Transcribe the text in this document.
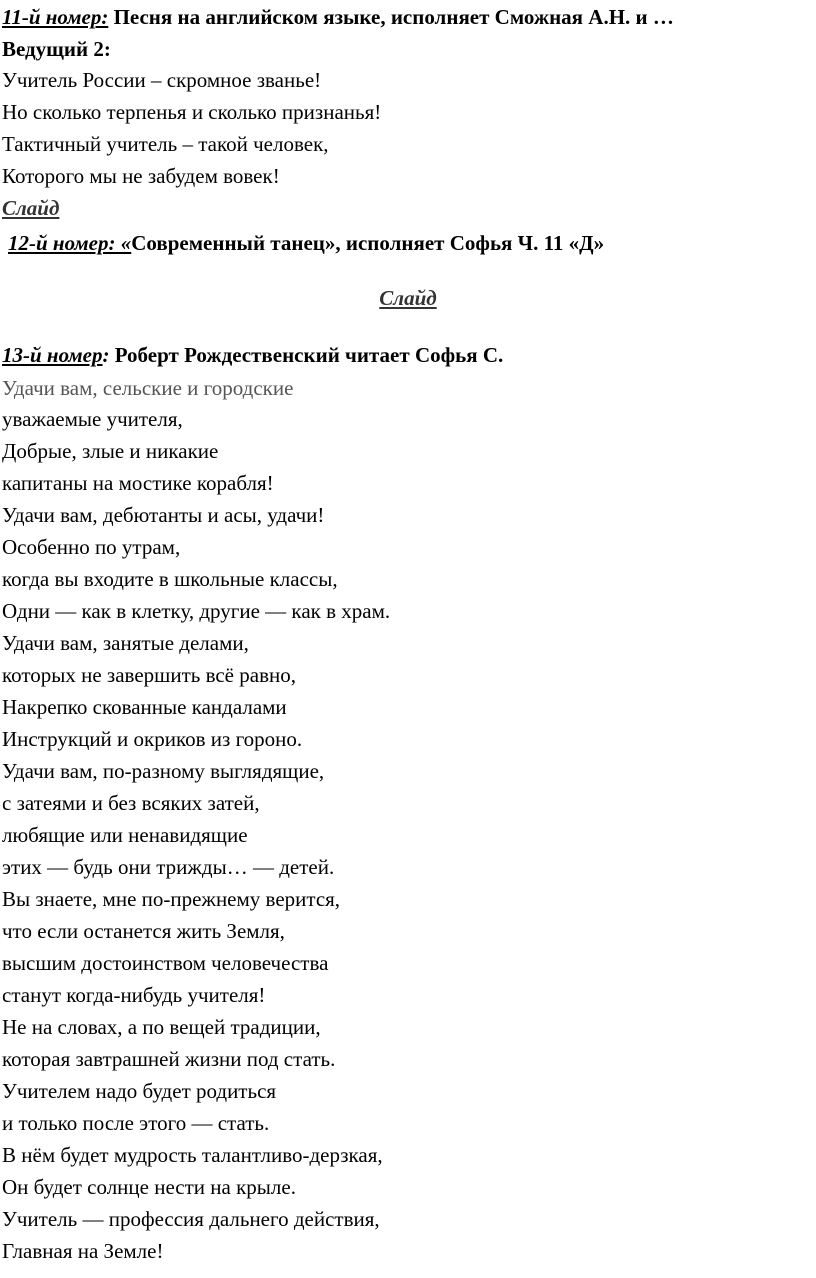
11-й номер: Песня на английском языке, исполняет Сможная А.Н. и …
Ведущий 2:
Учитель России – скромное званье!
Но сколько терпенья и сколько признанья!
Тактичный учитель – такой человек,
Которого мы не забудем вовек!
Слайд
12-й номер: «Современный танец», исполняет Софья Ч. 11 «Д»
Слайд
13-й номер: Роберт Рождественский читает Софья С.
Удачи вам, сельские и городские
уважаемые учителя,
Добрые, злые и никакие
капитаны на мостике корабля!
Удачи вам, дебютанты и асы, удачи!
Особенно по утрам,
когда вы входите в школьные классы,
Одни — как в клетку, другие — как в храм.
Удачи вам, занятые делами,
которых не завершить всё равно,
Накрепко скованные кандалами
Инструкций и окриков из гороно.
Удачи вам, по-разному выглядящие,
с затеями и без всяких затей,
любящие или ненавидящие
этих — будь они трижды… — детей.
Вы знаете, мне по-прежнему верится,
что если останется жить Земля,
высшим достоинством человечества
станут когда-нибудь учителя!
Не на словах, а по вещей традиции,
которая завтрашней жизни под стать.
Учителем надо будет родиться
и только после этого — стать.
В нём будет мудрость талантливо-дерзкая,
Он будет солнце нести на крыле.
Учитель — профессия дальнего действия,
Главная на Земле!
